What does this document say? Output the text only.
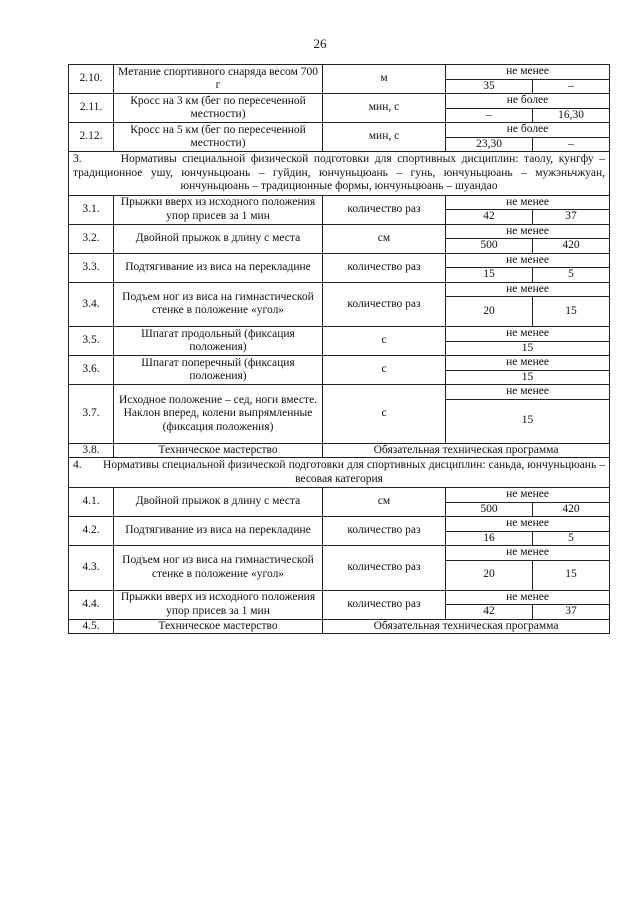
26
2.10.	Метание спортивного снаряда весом 700 г	м	не менее	
			35	–
2.11.	Кросс на 3 км (бег по пересеченной местности)	мин, с	не более	
			–	16,30
2.12.	Кросс на 5 км (бег по пересеченной местности)	мин, с	не более	
			23,30	–
3. Нормативы специальной физической подготовки для спортивных дисциплин: таолу, кунгфу – традиционное ушу, юнчуньцюань – гуйдин, юнчуньцюань – гунь, юнчуньцюань – мужэньчжуан, юнчуньцюань – традиционные формы, юнчуньцюань – шуандао				
3.1.	Прыжки вверх из исходного положения упор присев за 1 мин	количество раз	не менее	
			42	37
3.2.	Двойной прыжок в длину с места	см	не менее	
			500	420
3.3.	Подтягивание из виса на перекладине	количество раз	не менее	
			15	5
3.4.	Подъем ног из виса на гимнастической стенке в положение «угол»	количество раз	не менее	
			20	15
3.5.	Шпагат продольный (фиксация положения)	с	не менее	
			15	
3.6.	Шпагат поперечный (фиксация положения)	с	не менее	
			15	
3.7.	Исходное положение – сед, ноги вместе. Наклон вперед, колени выпрямленные (фиксация положения)	с	не менее	
			15	
3.8.	Техническое мастерство	Обязательная техническая программа		
4. Нормативы специальной физической подготовки для спортивных дисциплин: саньда, юнчуньцюань – весовая категория				
4.1.	Двойной прыжок в длину с места	см	не менее	
			500	420
4.2.	Подтягивание из виса на перекладине	количество раз	не менее	
			16	5
4.3.	Подъем ног из виса на гимнастической стенке в положение «угол»	количество раз	не менее	
			20	15
4.4.	Прыжки вверх из исходного положения упор присев за 1 мин	количество раз	не менее	
			42	37
4.5.	Техническое мастерство	Обязательная техническая программа		
